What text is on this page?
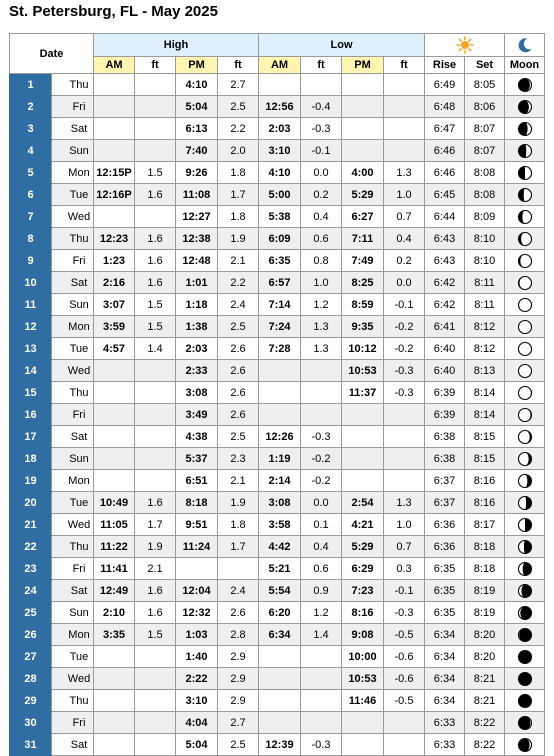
St. Petersburg, FL - May 2025
Date		High				Low		
		AM	ft	PM	ft	AM	ft	PM	ft	Rise	Set	Moon
1	Thu			4:10	2.7					6:49	8:05	
2	Fri			5:04	2.5	12:56	-0.4			6:48	8:06	
3	Sat			6:13	2.2	2:03	-0.3			6:47	8:07	
4	Sun			7:40	2.0	3:10	-0.1			6:46	8:07	
5	Mon	12:15P	1.5	9:26	1.8	4:10	0.0	4:00	1.3	6:46	8:08	
6	Tue	12:16P	1.6	11:08	1.7	5:00	0.2	5:29	1.0	6:45	8:08	
7	Wed			12:27	1.8	5:38	0.4	6:27	0.7	6:44	8:09	
8	Thu	12:23	1.6	12:38	1.9	6:09	0.6	7:11	0.4	6:43	8:10	
9	Fri	1:23	1.6	12:48	2.1	6:35	0.8	7:49	0.2	6:43	8:10	
10	Sat	2:16	1.6	1:01	2.2	6:57	1.0	8:25	0.0	6:42	8:11	
11	Sun	3:07	1.5	1:18	2.4	7:14	1.2	8:59	-0.1	6:42	8:11	
12	Mon	3:59	1.5	1:38	2.5	7:24	1.3	9:35	-0.2	6:41	8:12	
13	Tue	4:57	1.4	2:03	2.6	7:28	1.3	10:12	-0.2	6:40	8:12	
14	Wed			2:33	2.6			10:53	-0.3	6:40	8:13	
15	Thu			3:08	2.6			11:37	-0.3	6:39	8:14	
16	Fri			3:49	2.6					6:39	8:14	
17	Sat			4:38	2.5	12:26	-0.3			6:38	8:15	
18	Sun			5:37	2.3	1:19	-0.2			6:38	8:15	
19	Mon			6:51	2.1	2:14	-0.2			6:37	8:16	
20	Tue	10:49	1.6	8:18	1.9	3:08	0.0	2:54	1.3	6:37	8:16	
21	Wed	11:05	1.7	9:51	1.8	3:58	0.1	4:21	1.0	6:36	8:17	
22	Thu	11:22	1.9	11:24	1.7	4:42	0.4	5:29	0.7	6:36	8:18	
23	Fri	11:41	2.1			5:21	0.6	6:29	0.3	6:35	8:18	
24	Sat	12:49	1.6	12:04	2.4	5:54	0.9	7:23	-0.1	6:35	8:19	
25	Sun	2:10	1.6	12:32	2.6	6:20	1.2	8:16	-0.3	6:35	8:19	
26	Mon	3:35	1.5	1:03	2.8	6:34	1.4	9:08	-0.5	6:34	8:20	
27	Tue			1:40	2.9			10:00	-0.6	6:34	8:20	
28	Wed			2:22	2.9			10:53	-0.6	6:34	8:21	
29	Thu			3:10	2.9			11:46	-0.5	6:34	8:21	
30	Fri			4:04	2.7					6:33	8:22	
31	Sat			5:04	2.5	12:39	-0.3			6:33	8:22	
